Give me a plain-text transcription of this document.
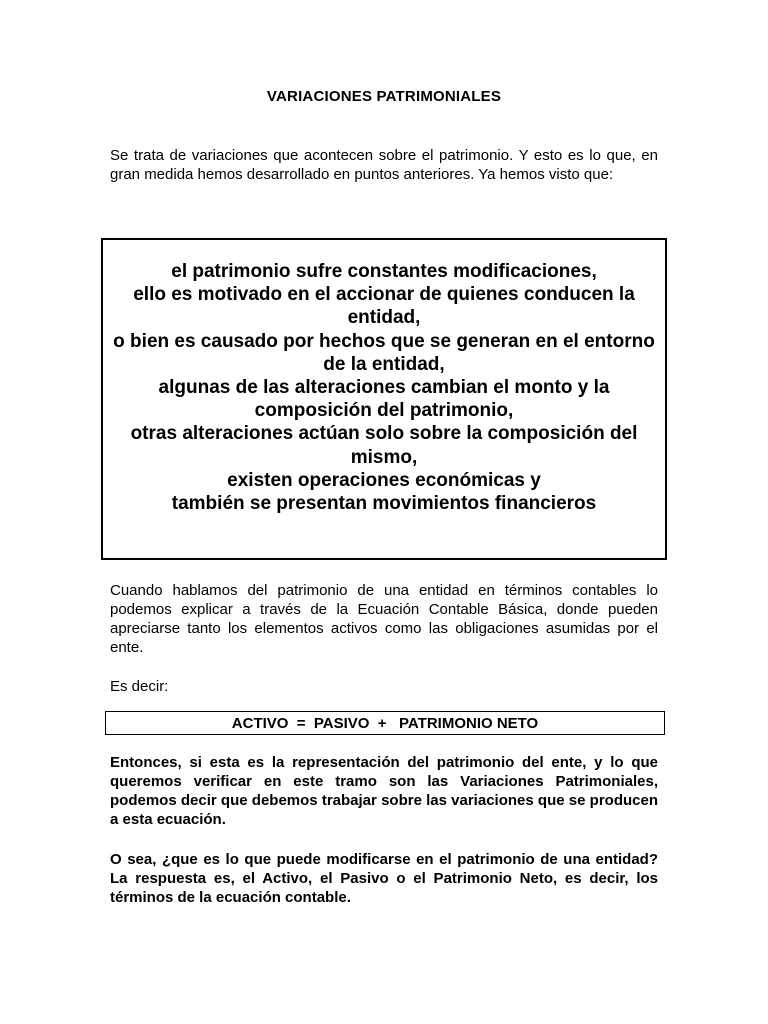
VARIACIONES PATRIMONIALES
Se trata de variaciones que acontecen sobre el patrimonio. Y esto es lo que, en gran medida hemos desarrollado en puntos anteriores. Ya hemos visto que:
el patrimonio sufre constantes modificaciones,
ello es motivado en el accionar de quienes conducen la entidad,
o bien es causado por hechos que se generan en el entorno de la entidad,
algunas de las alteraciones cambian el monto y la composición del patrimonio,
otras alteraciones actúan solo sobre la composición del mismo,
existen operaciones económicas y
también se presentan movimientos financieros
Cuando hablamos del patrimonio de una entidad en términos contables lo podemos explicar a través de la Ecuación Contable Básica, donde pueden apreciarse tanto los elementos activos como las obligaciones asumidas por el ente.
Es decir:
ACTIVO  =  PASIVO  +   PATRIMONIO NETO
Entonces, si esta es la representación del patrimonio del ente, y lo que queremos verificar en este tramo son las Variaciones Patrimoniales, podemos decir que debemos trabajar sobre las variaciones que se producen a esta ecuación.
O sea, ¿que es lo que puede modificarse en el patrimonio de una entidad? La respuesta es, el Activo, el Pasivo o el Patrimonio Neto, es decir, los términos de la ecuación contable.
